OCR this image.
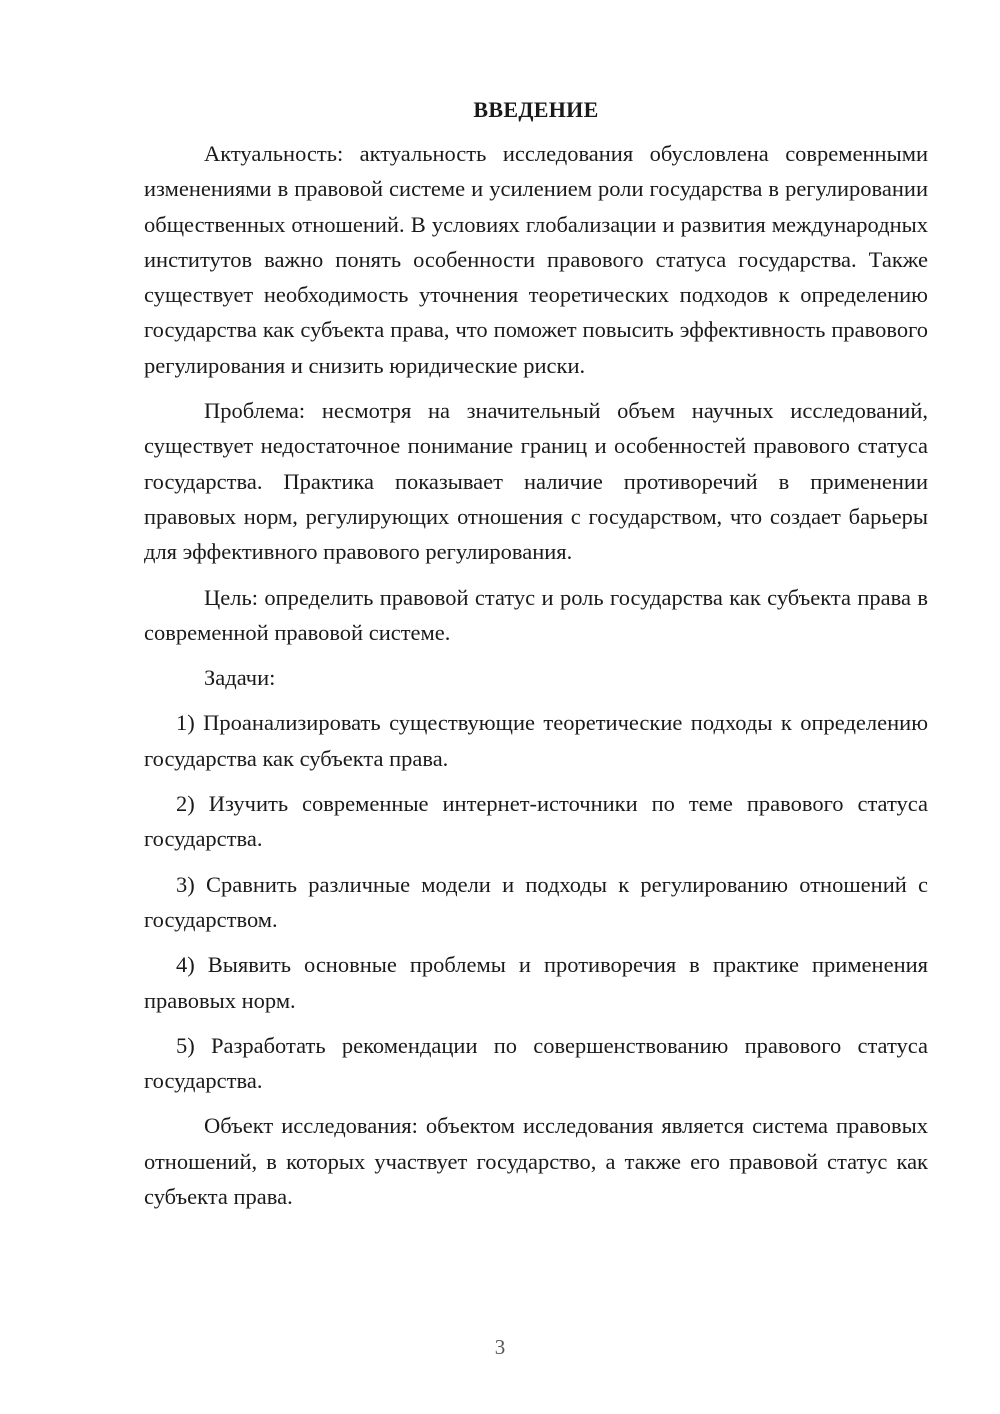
ВВЕДЕНИЕ

Актуальность: актуальность исследования обусловлена современными изменениями в правовой системе и усилением роли государства в регулировании общественных отношений. В условиях глобализации и развития международных институтов важно понять особенности правового статуса государства. Также существует необходимость уточнения теоретических подходов к определению государства как субъекта права, что поможет повысить эффективность правового регулирования и снизить юридические риски.

Проблема: несмотря на значительный объем научных исследований, существует недостаточное понимание границ и особенностей правового статуса государства. Практика показывает наличие противоречий в применении правовых норм, регулирующих отношения с государством, что создает барьеры для эффективного правового регулирования.

Цель: определить правовой статус и роль государства как субъекта права в современной правовой системе.

Задачи:

1) Проанализировать существующие теоретические подходы к определению государства как субъекта права.

2) Изучить современные интернет-источники по теме правового статуса государства.

3) Сравнить различные модели и подходы к регулированию отношений с государством.

4) Выявить основные проблемы и противоречия в практике применения правовых норм.

5) Разработать рекомендации по совершенствованию правового статуса государства.

Объект исследования: объектом исследования является система правовых отношений, в которых участвует государство, а также его правовой статус как субъекта права.

3
